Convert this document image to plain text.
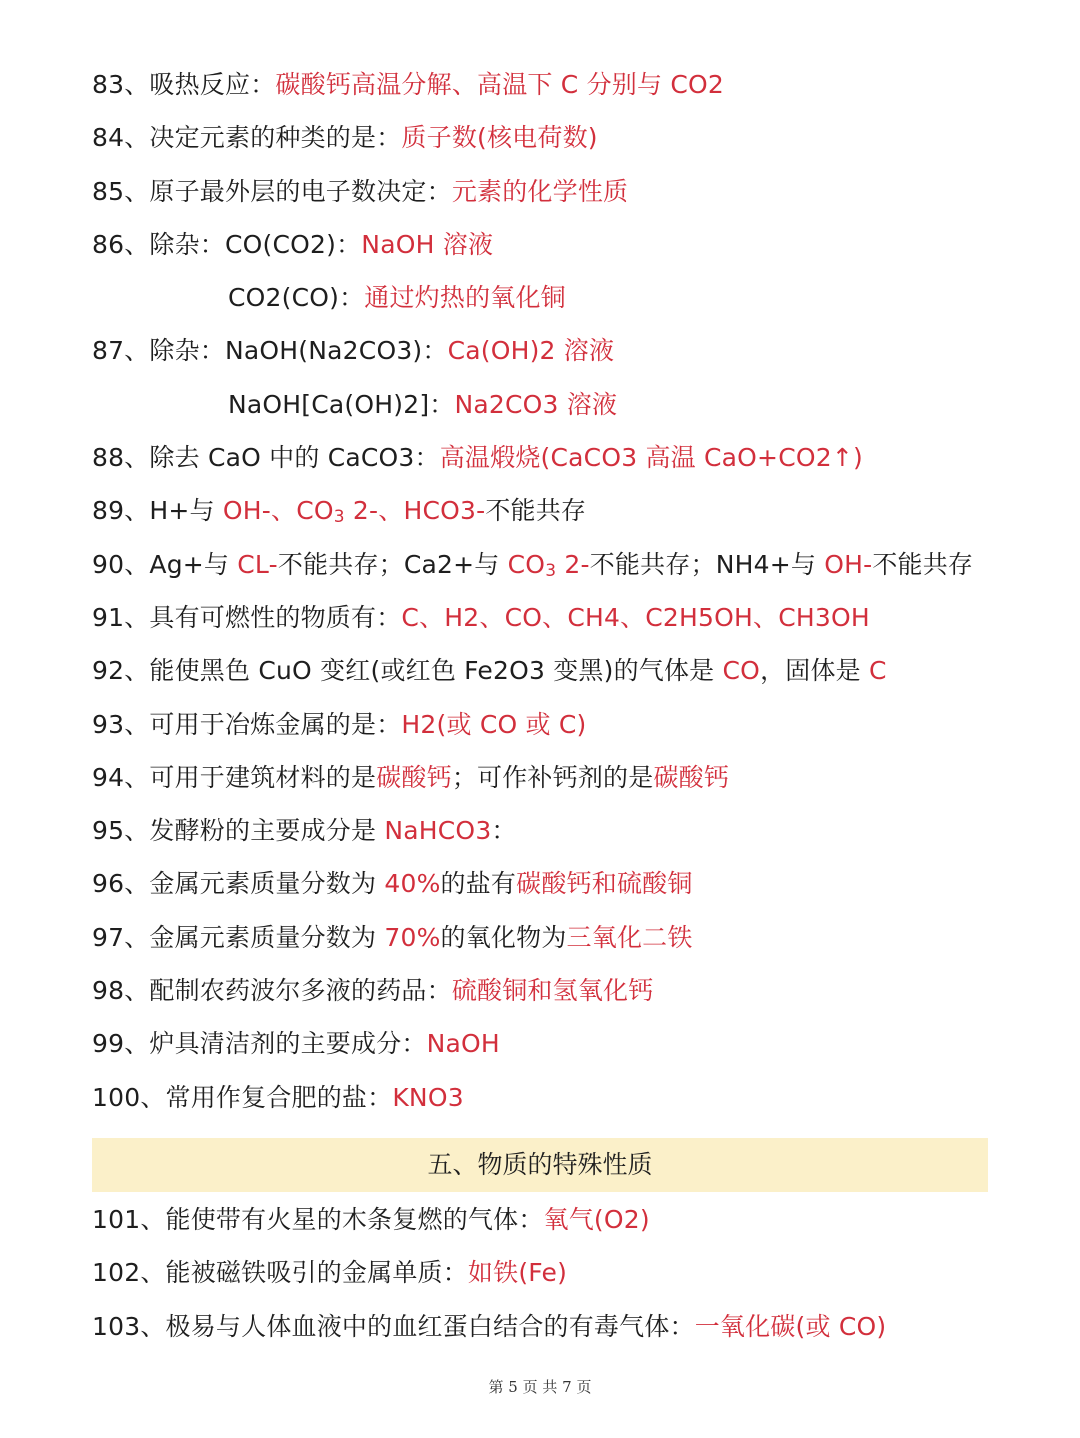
83、吸热反应：碳酸钙高温分解、高温下 C 分别与 CO2
84、决定元素的种类的是：质子数(核电荷数)
85、原子最外层的电子数决定：元素的化学性质
86、除杂：CO(CO2)：NaOH 溶液
CO2(CO)：通过灼热的氧化铜
87、除杂：NaOH(Na2CO3)：Ca(OH)2 溶液
NaOH[Ca(OH)2]：Na2CO3 溶液
88、除去 CaO 中的 CaCO3：高温煅烧(CaCO3 高温 CaO+CO2↑)
89、H+与 OH-、$CO_3$ 2-、HCO3-不能共存
90、Ag+与 CL-不能共存；Ca2+与 $CO_3$ 2-不能共存；NH4+与 OH-不能共存
91、具有可燃性的物质有：C、H2、CO、CH4、C2H5OH、CH3OH
92、能使黑色 CuO 变红(或红色 Fe2O3 变黑)的气体是 CO，固体是 C
93、可用于冶炼金属的是：H2(或 CO 或 C)
94、可用于建筑材料的是碳酸钙；可作补钙剂的是碳酸钙
95、发酵粉的主要成分是 NaHCO3：
96、金属元素质量分数为 40%的盐有碳酸钙和硫酸铜
97、金属元素质量分数为 70%的氧化物为三氧化二铁
98、配制农药波尔多液的药品：硫酸铜和氢氧化钙
99、炉具清洁剂的主要成分：NaOH
100、常用作复合肥的盐：KNO3
五、物质的特殊性质
101、能使带有火星的木条复燃的气体：氧气(O2)
102、能被磁铁吸引的金属单质：如铁(Fe)
103、极易与人体血液中的血红蛋白结合的有毒气体：一氧化碳(或 CO)
第 5 页 共 7 页
